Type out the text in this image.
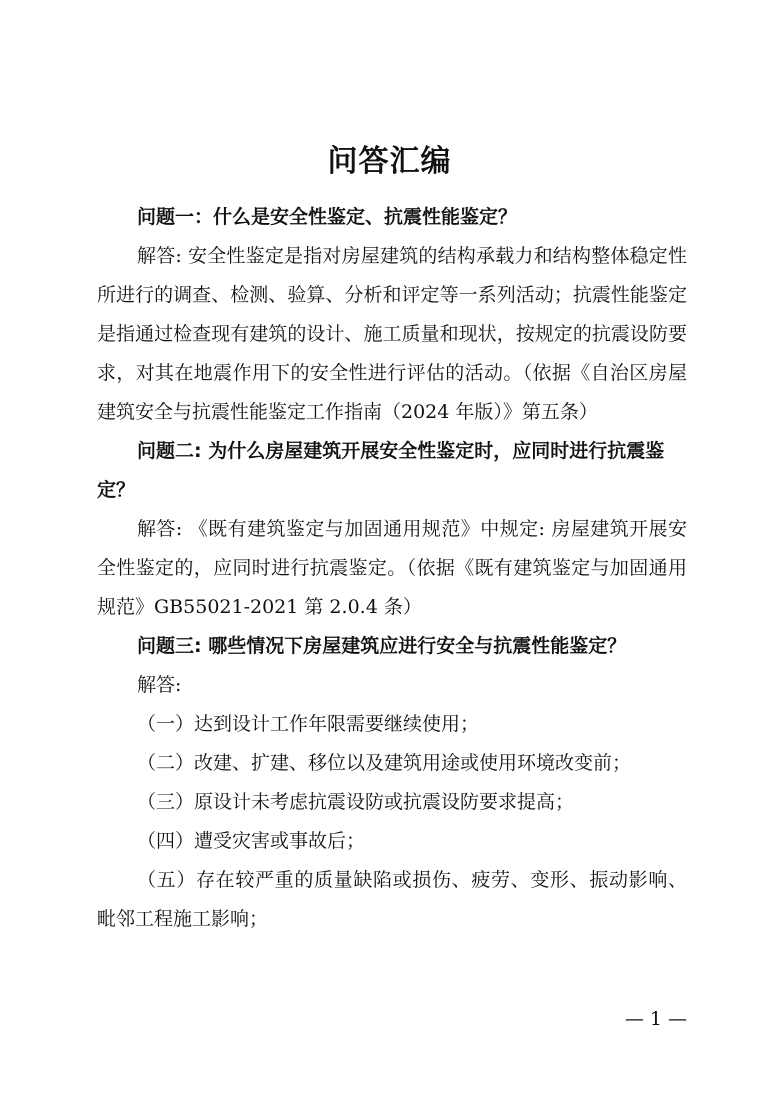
问答汇编

问题一：什么是安全性鉴定、抗震性能鉴定？

解答: 安全性鉴定是指对房屋建筑的结构承载力和结构整体稳定性所进行的调查、检测、验算、分析和评定等一系列活动；抗震性能鉴定是指通过检查现有建筑的设计、施工质量和现状，按规定的抗震设防要求，对其在地震作用下的安全性进行评估的活动。（依据《自治区房屋建筑安全与抗震性能鉴定工作指南（2024 年版）》第五条）

问题二: 为什么房屋建筑开展安全性鉴定时，应同时进行抗震鉴定？

解答: 《既有建筑鉴定与加固通用规范》中规定: 房屋建筑开展安全性鉴定的，应同时进行抗震鉴定。（依据《既有建筑鉴定与加固通用规范》GB55021-2021 第 2.0.4 条）

问题三: 哪些情况下房屋建筑应进行安全与抗震性能鉴定？

解答:

（一）达到设计工作年限需要继续使用；
（二）改建、扩建、移位以及建筑用途或使用环境改变前；
（三）原设计未考虑抗震设防或抗震设防要求提高；
（四）遭受灾害或事故后；
（五）存在较严重的质量缺陷或损伤、疲劳、变形、振动影响、毗邻工程施工影响；
— 1 —
